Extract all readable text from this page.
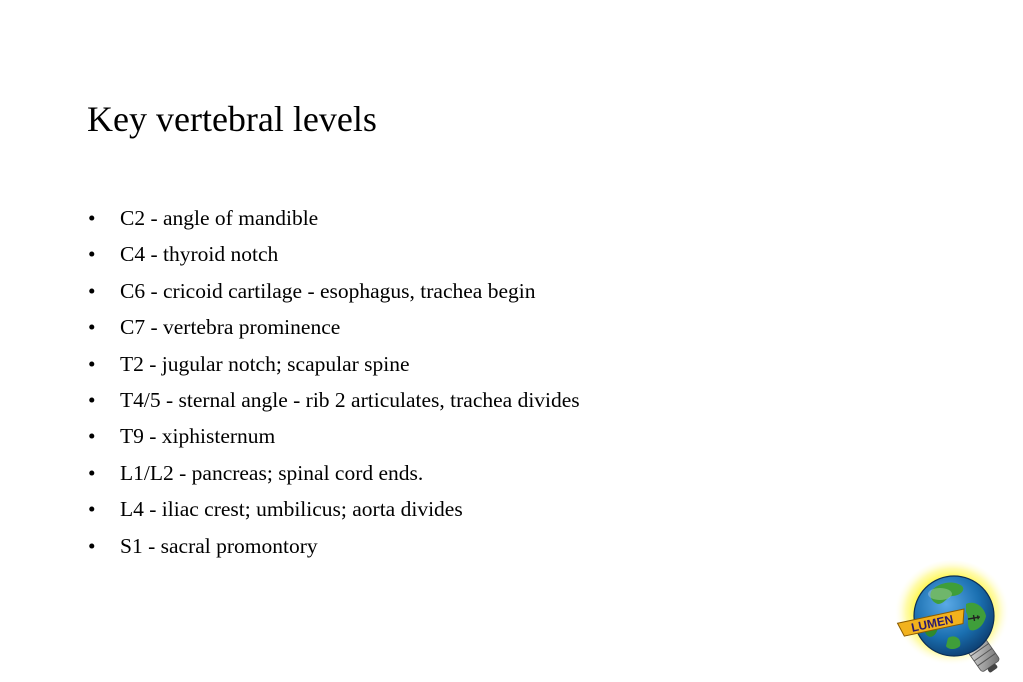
Key vertebral levels
• C2 - angle of mandible
• C4 - thyroid notch
• C6 - cricoid cartilage - esophagus, trachea begin
• C7 - vertebra prominence
• T2 - jugular notch; scapular spine
• T4/5 - sternal angle - rib 2 articulates, trachea divides
• T9 - xiphisternum
• L1/L2 - pancreas; spinal cord ends.
• L4 - iliac crest; umbilicus; aorta divides
• S1 - sacral promontory
LUMEN
